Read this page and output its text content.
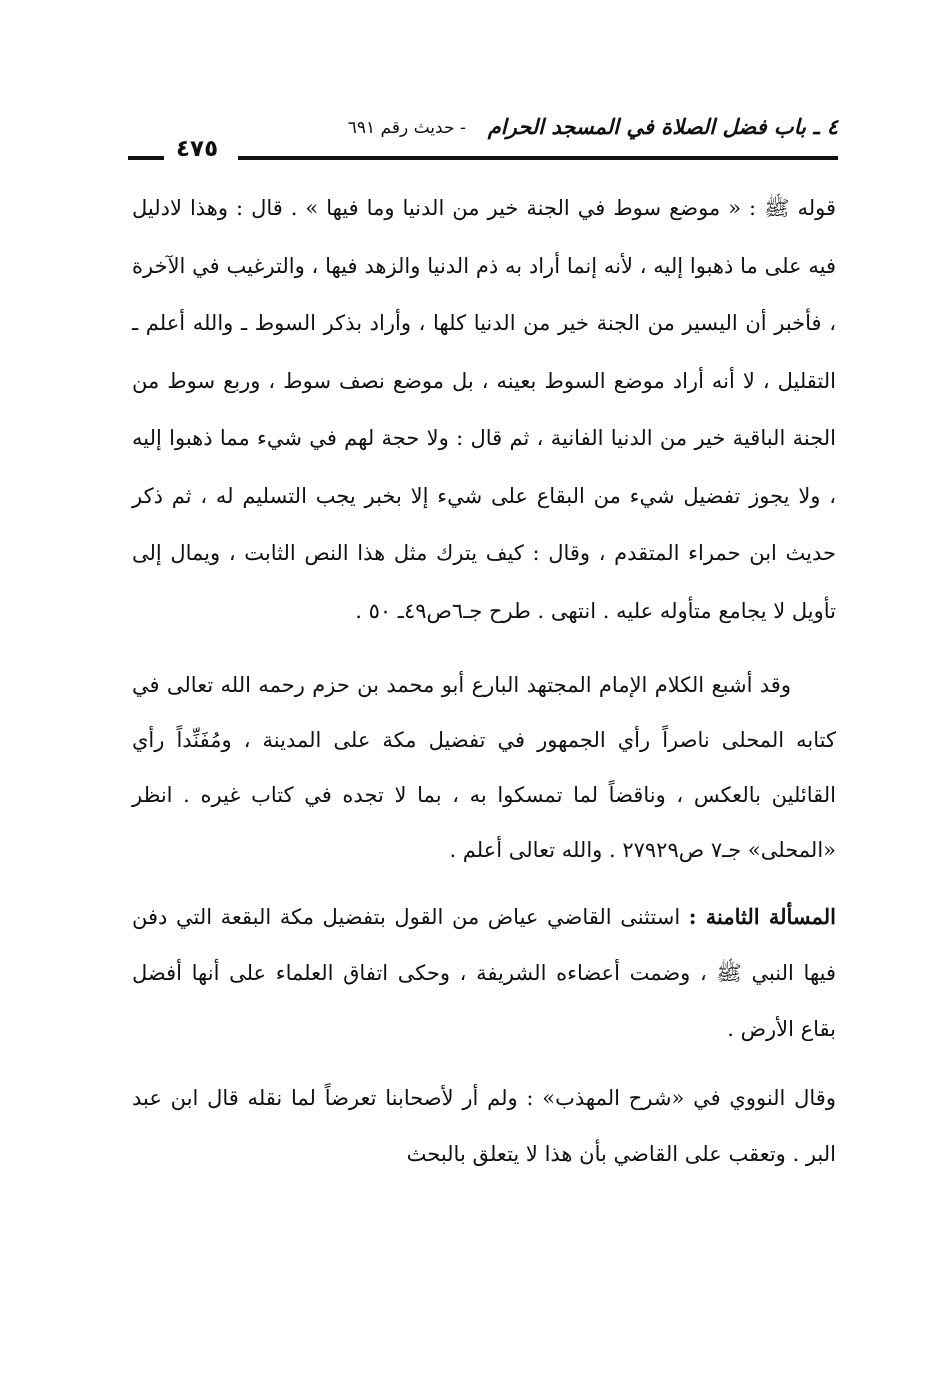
٤ ـ باب فضل الصلاة في المسجد الحرام
- حديث رقم ٦٩١
٤٧٥

قوله ﷺ : « موضع سوط في الجنة خير من الدنيا وما فيها » . قال : وهذا لادليل فيه على ما ذهبوا إليه ، لأنه إنما أراد به ذم الدنيا والزهد فيها ، والترغيب في الآخرة ، فأخبر أن اليسير من الجنة خير من الدنيا كلها ، وأراد بذكر السوط ـ والله أعلم ـ التقليل ، لا أنه أراد موضع السوط بعينه ، بل موضع نصف سوط ، وربع سوط من الجنة الباقية خير من الدنيا الفانية ، ثم قال : ولا حجة لهم في شيء مما ذهبوا إليه ، ولا يجوز تفضيل شيء من البقاع على شيء إلا بخبر يجب التسليم له ، ثم ذكر حديث ابن حمراء المتقدم ، وقال : كيف يترك مثل هذا النص الثابت ، ويمال إلى تأويل لا يجامع متأوله عليه . انتهى . طرح جـ٦ص٤٩ـ ٥٠ .

وقد أشبع الكلام الإمام المجتهد البارع أبو محمد بن حزم رحمه الله تعالى في كتابه المحلى ناصراً رأي الجمهور في تفضيل مكة على المدينة ، ومُفَنِّداً رأي القائلين بالعكس ، وناقضاً لما تمسكوا به ، بما لا تجده في كتاب غيره . انظر «المحلى» جـ٧ ص٢٧٩٢٩ . والله تعالى أعلم .

المسألة الثامنة : استثنى القاضي عياض من القول بتفضيل مكة البقعة التي دفن فيها النبي ﷺ ، وضمت أعضاءه الشريفة ، وحكى اتفاق العلماء على أنها أفضل بقاع الأرض .

وقال النووي في «شرح المهذب» : ولم أر لأصحابنا تعرضاً لما نقله قال ابن عبد البر . وتعقب على القاضي بأن هذا لا يتعلق بالبحث
